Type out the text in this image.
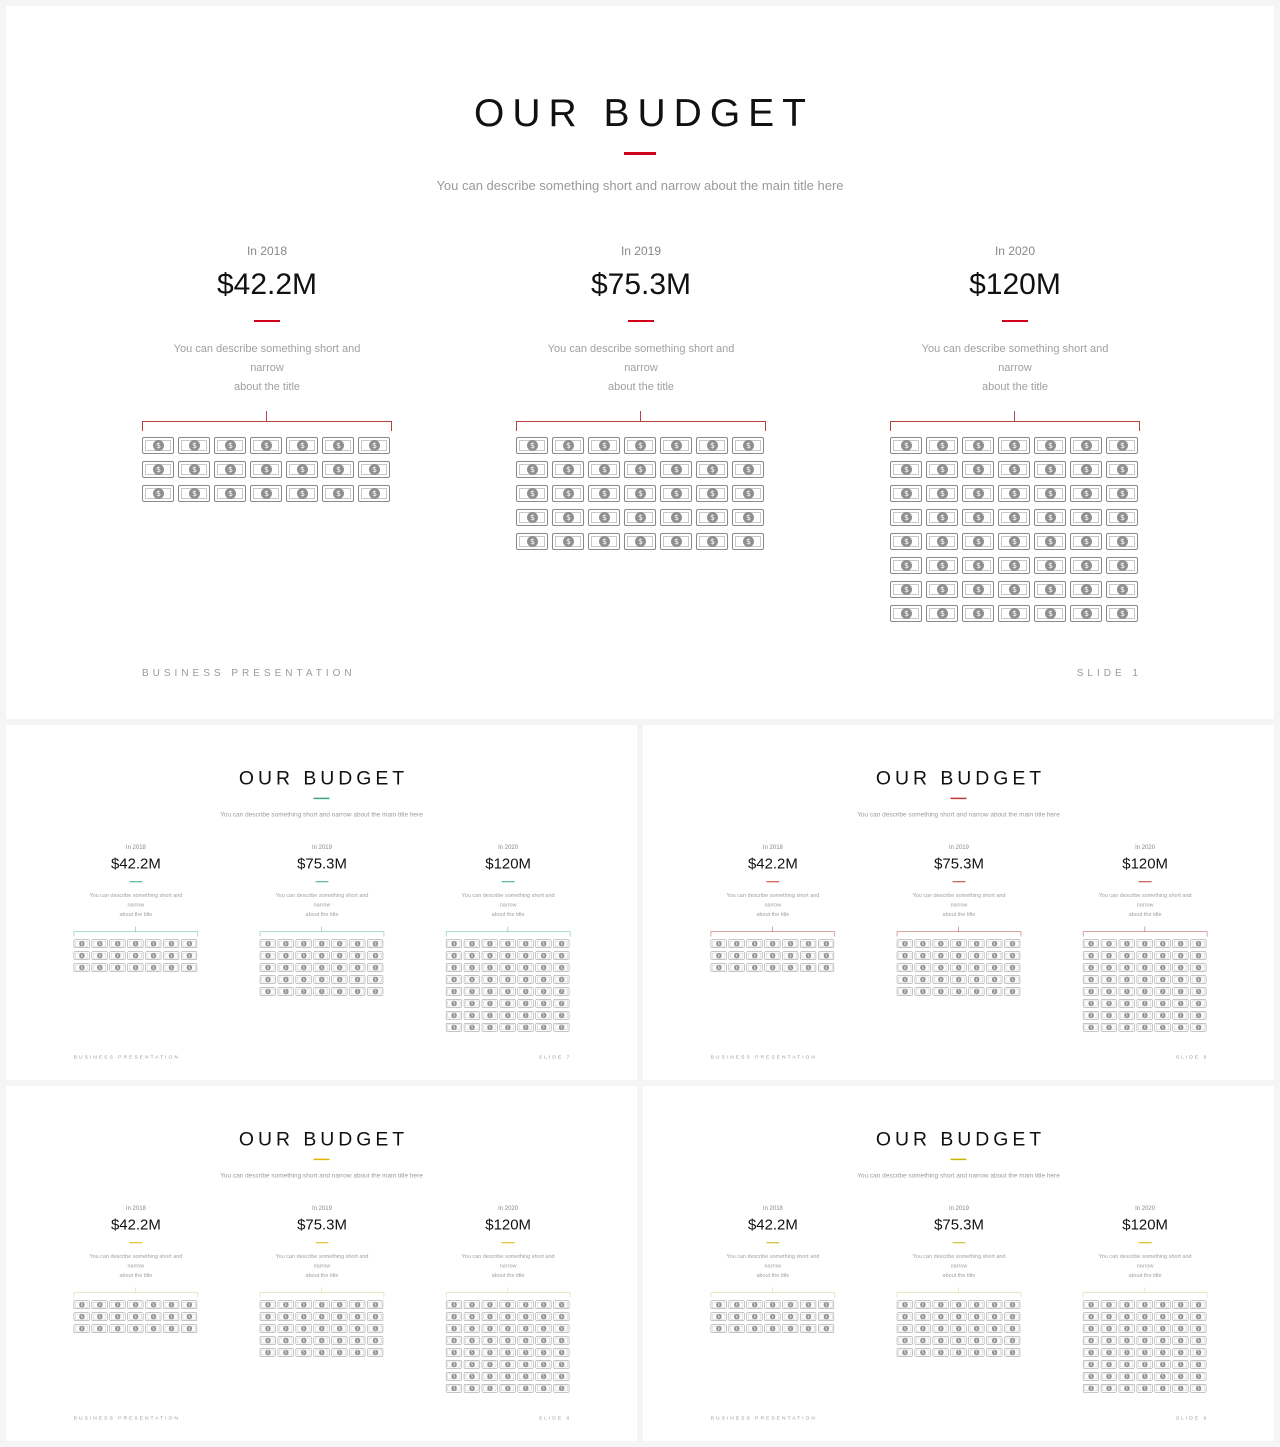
OUR BUDGET
You can describe something short and narrow about the main title here
In 2018
$42.2M
You can describe something short and narrow
about the title
$	$	$	$	$	$	$
$	$	$	$	$	$	$
$	$	$	$	$	$	$
In 2019
$75.3M
You can describe something short and narrow
about the title
$	$	$	$	$	$	$
$	$	$	$	$	$	$
$	$	$	$	$	$	$
$	$	$	$	$	$	$
$	$	$	$	$	$	$
In 2020
$120M
You can describe something short and narrow
about the title
$	$	$	$	$	$	$
$	$	$	$	$	$	$
$	$	$	$	$	$	$
$	$	$	$	$	$	$
$	$	$	$	$	$	$
$	$	$	$	$	$	$
$	$	$	$	$	$	$
$	$	$	$	$	$	$
BUSINESS PRESENTATION	SLIDE 1
OUR BUDGET
You can describe something short and narrow about the main title here
In 2018
$42.2M
You can describe something short and narrow
about the title
$ $ $ $ $ $ $
$ $ $ $ $ $ $
$ $ $ $ $ $ $
In 2019
$75.3M
You can describe something short and narrow
about the title
$ $ $ $ $ $ $
$ $ $ $ $ $ $
$ $ $ $ $ $ $
$ $ $ $ $ $ $
$ $ $ $ $ $ $
In 2020
$120M
You can describe something short and narrow
about the title
$ $ $ $ $ $ $
$ $ $ $ $ $ $
$ $ $ $ $ $ $
$ $ $ $ $ $ $
$ $ $ $ $ $ $
$ $ $ $ $ $ $
$ $ $ $ $ $ $
$ $ $ $ $ $ $
BUSINESS PRESENTATION	SLIDE 7
OUR BUDGET
You can describe something short and narrow about the main title here
In 2018
$42.2M
You can describe something short and narrow
about the title
$ $ $ $ $ $ $
$ $ $ $ $ $ $
$ $ $ $ $ $ $
In 2019
$75.3M
You can describe something short and narrow
about the title
$ $ $ $ $ $ $
$ $ $ $ $ $ $
$ $ $ $ $ $ $
$ $ $ $ $ $ $
$ $ $ $ $ $ $
In 2020
$120M
You can describe something short and narrow
about the title
$ $ $ $ $ $ $
$ $ $ $ $ $ $
$ $ $ $ $ $ $
$ $ $ $ $ $ $
$ $ $ $ $ $ $
$ $ $ $ $ $ $
$ $ $ $ $ $ $
$ $ $ $ $ $ $
BUSINESS PRESENTATION	SLIDE 9
OUR BUDGET
You can describe something short and narrow about the main title here
In 2018
$42.2M
You can describe something short and narrow
about the title
$ $ $ $ $ $ $
$ $ $ $ $ $ $
$ $ $ $ $ $ $
In 2019
$75.3M
You can describe something short and narrow
about the title
$ $ $ $ $ $ $
$ $ $ $ $ $ $
$ $ $ $ $ $ $
$ $ $ $ $ $ $
$ $ $ $ $ $ $
In 2020
$120M
You can describe something short and narrow
about the title
$ $ $ $ $ $ $
$ $ $ $ $ $ $
$ $ $ $ $ $ $
$ $ $ $ $ $ $
$ $ $ $ $ $ $
$ $ $ $ $ $ $
$ $ $ $ $ $ $
$ $ $ $ $ $ $
BUSINESS PRESENTATION	SLIDE 8
OUR BUDGET
You can describe something short and narrow about the main title here
In 2018
$42.2M
You can describe something short and narrow
about the title
$ $ $ $ $ $ $
$ $ $ $ $ $ $
$ $ $ $ $ $ $
In 2019
$75.3M
You can describe something short and narrow
about the title
$ $ $ $ $ $ $
$ $ $ $ $ $ $
$ $ $ $ $ $ $
$ $ $ $ $ $ $
$ $ $ $ $ $ $
In 2020
$120M
You can describe something short and narrow
about the title
$ $ $ $ $ $ $
$ $ $ $ $ $ $
$ $ $ $ $ $ $
$ $ $ $ $ $ $
$ $ $ $ $ $ $
$ $ $ $ $ $ $
$ $ $ $ $ $ $
$ $ $ $ $ $ $
BUSINESS PRESENTATION	SLIDE 9
